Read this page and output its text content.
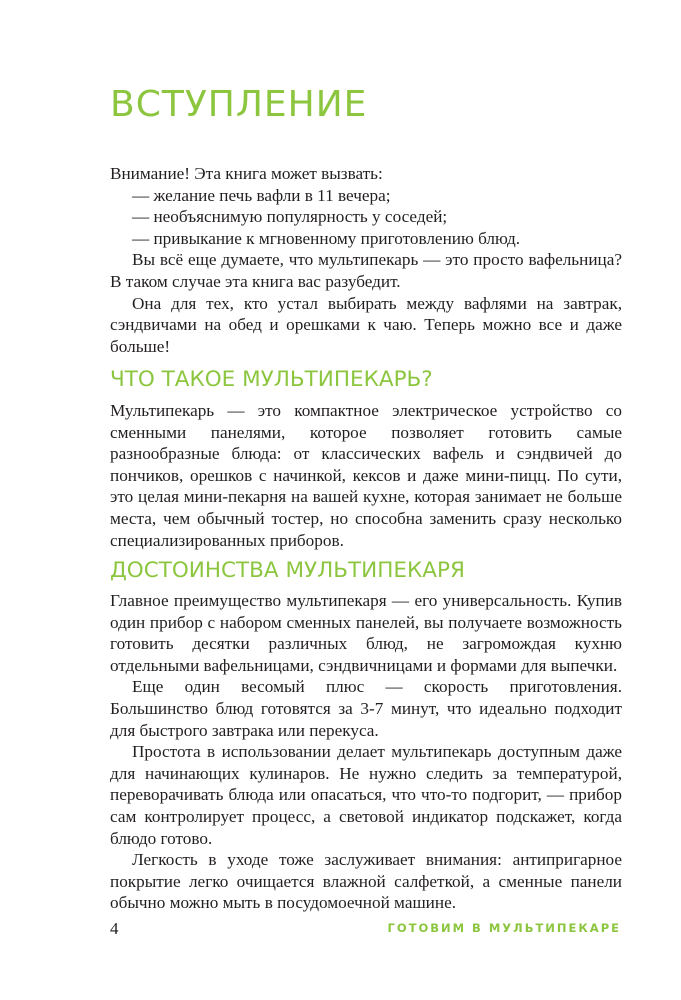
ВСТУПЛЕНИЕ

Внимание! Эта книга может вызвать:

— желание печь вафли в 11 вечера;

— необъяснимую популярность у соседей;

— привыкание к мгновенному приготовлению блюд.

Вы всё еще думаете, что мультипекарь — это просто вафельница? В таком случае эта книга вас разубедит.

Она для тех, кто устал выбирать между вафлями на завтрак, сэндвичами на обед и орешками к чаю. Теперь можно все и даже больше!

ЧТО ТАКОЕ МУЛЬТИПЕКАРЬ?

Мультипекарь — это компактное электрическое устройство со сменными панелями, которое позволяет готовить самые разнообразные блюда: от классических вафель и сэндвичей до пончиков, орешков с начинкой, кексов и даже мини-пицц. По сути, это целая мини-пекарня на вашей кухне, которая занимает не больше места, чем обычный тостер, но способна заменить сразу несколько специализированных приборов.

ДОСТОИНСТВА МУЛЬТИПЕКАРЯ

Главное преимущество мультипекаря — его универсальность. Купив один прибор с набором сменных панелей, вы получаете возможность готовить десятки различных блюд, не загромождая кухню отдельными вафельницами, сэндвичницами и формами для выпечки.

Еще один весомый плюс — скорость приготовления. Большинство блюд готовятся за 3-7 минут, что идеально подходит для быстрого завтрака или перекуса.

Простота в использовании делает мультипекарь доступным даже для начинающих кулинаров. Не нужно следить за температурой, переворачивать блюда или опасаться, что что-то подгорит, — прибор сам контролирует процесс, а световой индикатор подскажет, когда блюдо готово.

Легкость в уходе тоже заслуживает внимания: антипригарное покрытие легко очищается влажной салфеткой, а сменные панели обычно можно мыть в посудомоечной машине.

4	ГОТОВИМ В МУЛЬТИПЕКАРЕ
